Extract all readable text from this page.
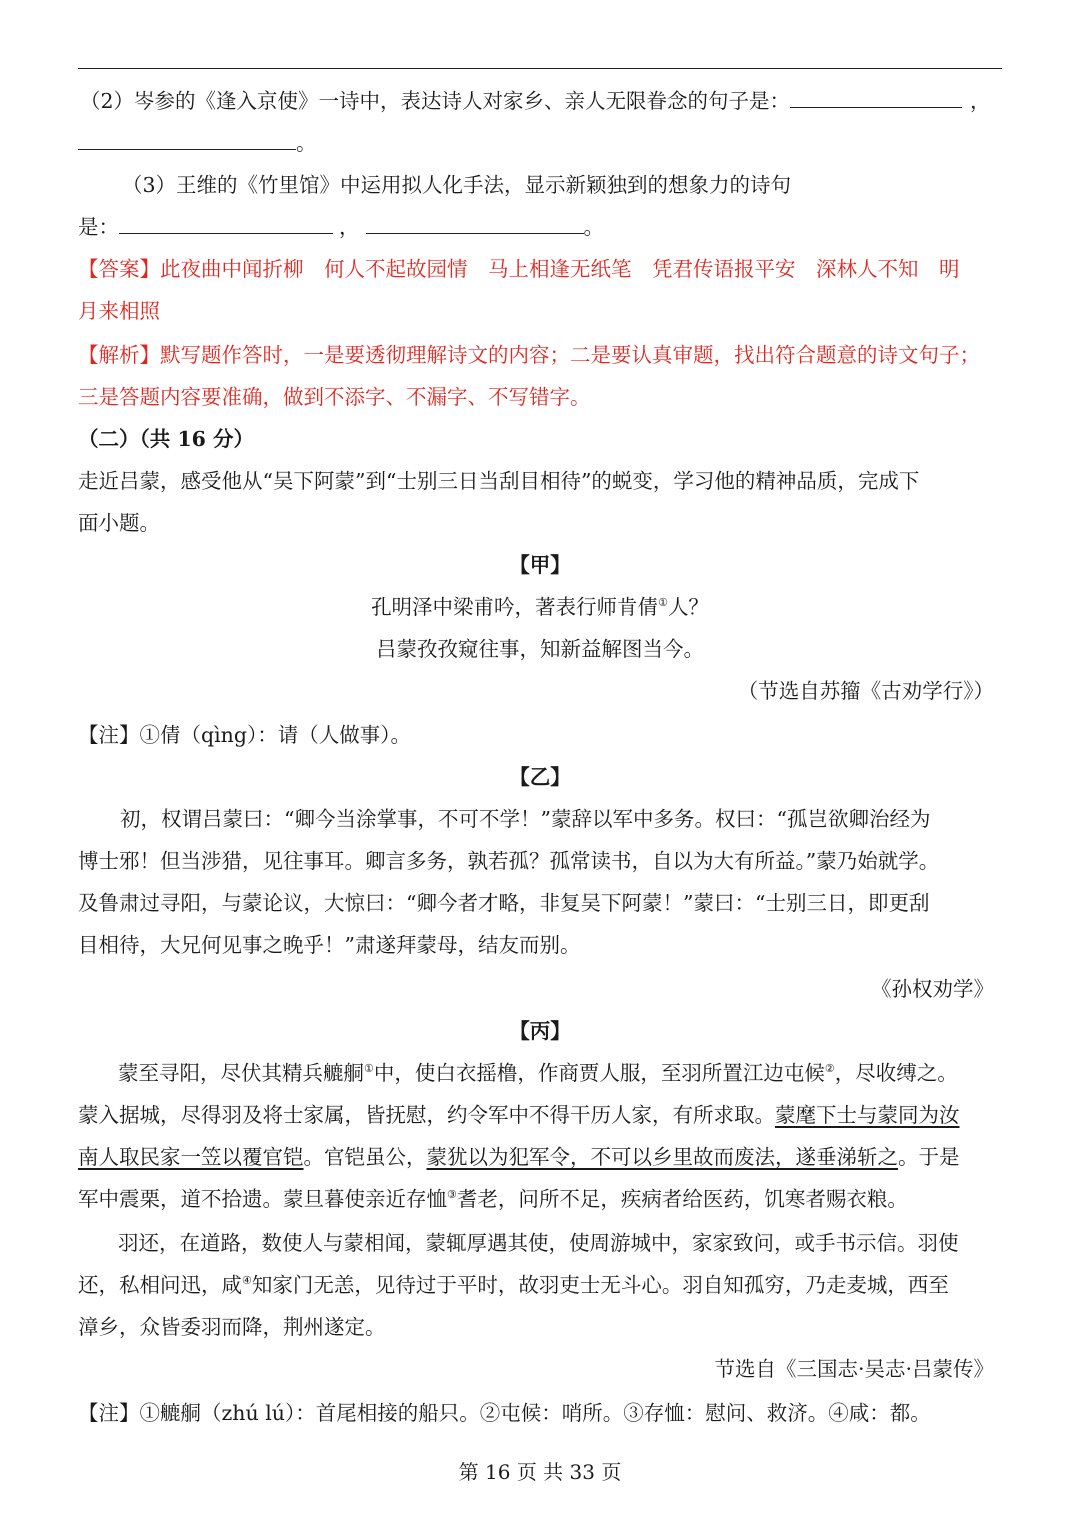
（2）岑参的《逢入京使》一诗中，表达诗人对家乡、亲人无限眷念的句子是：	，
。
（3）王维的《竹里馆》中运用拟人化手法，显示新颖独到的想象力的诗句
是：	，	。
【答案】此夜曲中闻折柳　何人不起故园情　马上相逢无纸笔　凭君传语报平安　深林人不知　明
月来相照
【解析】默写题作答时，一是要透彻理解诗文的内容；二是要认真审题，找出符合题意的诗文句子；
三是答题内容要准确，做到不添字、不漏字、不写错字。
（二）（共 16 分）
走近吕蒙，感受他从“吴下阿蒙”到“士别三日当刮目相待”的蜕变，学习他的精神品质，完成下
面小题。
【甲】
孔明泽中梁甫吟，著表行师肯倩①人？
吕蒙孜孜窥往事，知新益解图当今。
（节选自苏籀《古劝学行》）
【注】①倩（qìng）：请（人做事）。
【乙】
初，权谓吕蒙曰：“卿今当涂掌事，不可不学！”蒙辞以军中多务。权曰：“孤岂欲卿治经为
博士邪！但当涉猎，见往事耳。卿言多务，孰若孤？孤常读书，自以为大有所益。”蒙乃始就学。
及鲁肃过寻阳，与蒙论议，大惊曰：“卿今者才略，非复吴下阿蒙！”蒙曰：“士别三日，即更刮
目相待，大兄何见事之晚乎！”肃遂拜蒙母，结友而别。
《孙权劝学》
【丙】
蒙至寻阳，尽伏其精兵𦪇𦨴①中，使白衣摇橹，作商贾人服，至羽所置江边屯候②，尽收缚之。
蒙入据城，尽得羽及将士家属，皆抚慰，约令军中不得干历人家，有所求取。蒙麾下士与蒙同为汝
南人取民家一笠以覆官铠。官铠虽公，蒙犹以为犯军令，不可以乡里故而废法，遂垂涕斩之。于是
军中震栗，道不拾遗。蒙旦暮使亲近存恤③耆老，问所不足，疾病者给医药，饥寒者赐衣粮。
羽还，在道路，数使人与蒙相闻，蒙辄厚遇其使，使周游城中，家家致问，或手书示信。羽使
还，私相问迅，咸④知家门无恙，见待过于平时，故羽吏士无斗心。羽自知孤穷，乃走麦城，西至
漳乡，众皆委羽而降，荆州遂定。
节选自《三国志·吴志·吕蒙传》
【注】①𦪇𦨴（zhú lú）：首尾相接的船只。②屯候：哨所。③存恤：慰问、救济。④咸：都。
第 16 页 共 33 页
